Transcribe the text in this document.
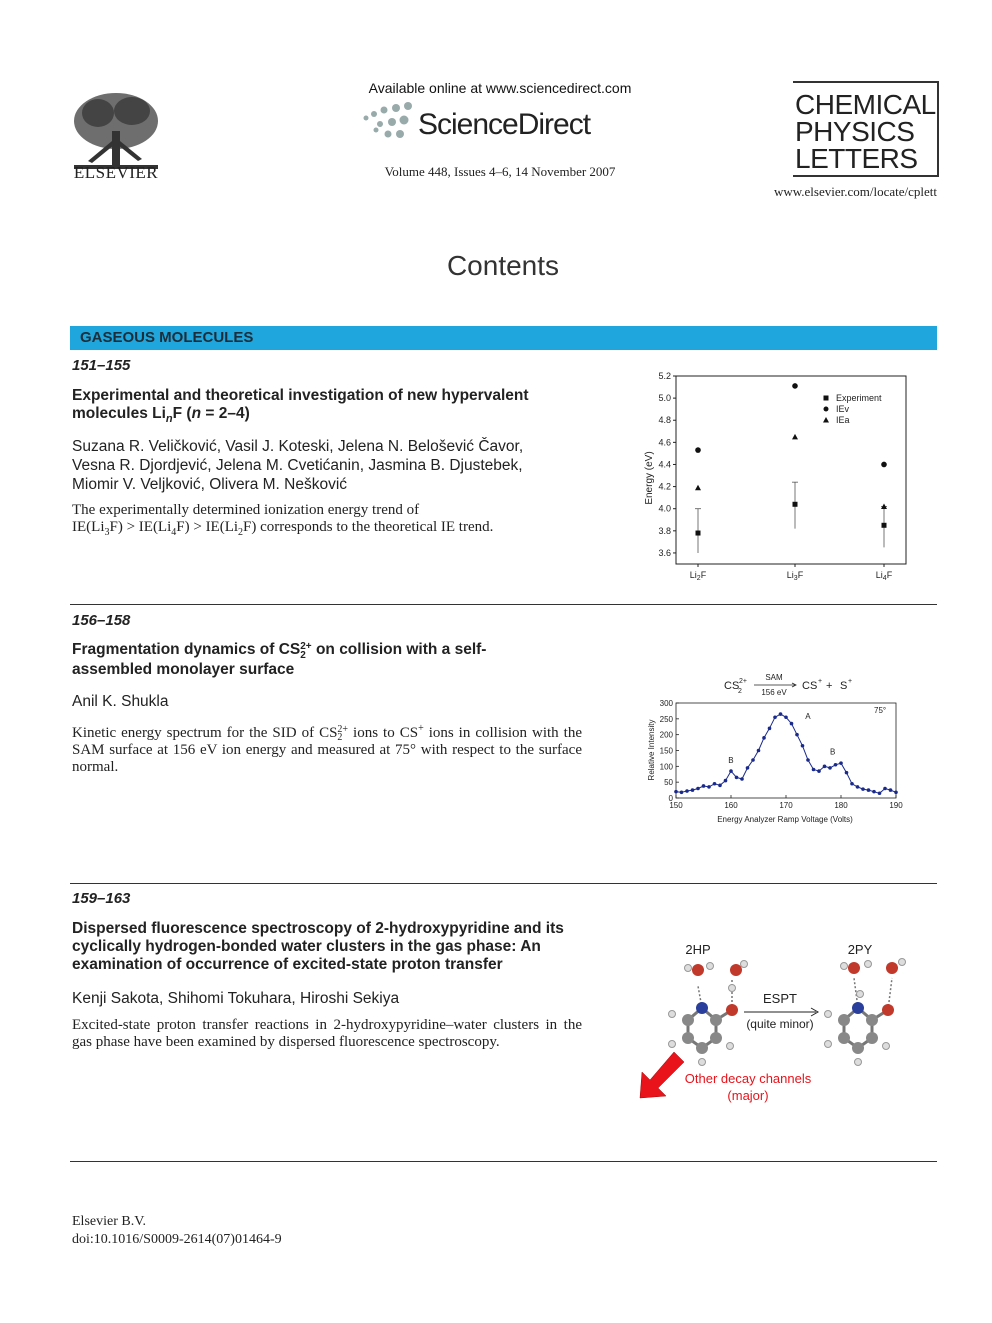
ELSEVIER
Available online at www.sciencedirect.com
ScienceDirect
Volume 448, Issues 4–6, 14 November 2007
CHEMICAL
PHYSICS
LETTERS
www.elsevier.com/locate/cplett
Contents
GASEOUS MOLECULES
151–155
Experimental and theoretical investigation of new hypervalent
molecules $Li_nF$ (n = 2–4)
Suzana R. Veličković, Vasil J. Koteski, Jelena N. Belošević Čavor,
Vesna R. Djordjević, Jelena M. Cvetićanin, Jasmina B. Djustebek,
Miomir V. Veljković, Olivera M. Nešković
The experimentally determined ionization energy trend of
$IE(Li_3F) > IE(Li_4F) > IE(Li_2F)$ corresponds to the theoretical IE trend.
3.6
3.8
4.0
4.2
4.4
4.6
4.8
5.0
5.2
$Li_2F$	$Li_3F$	$Li_4F$
Experiment
IEv
IEa
Energy (eV)
156–158
Fragmentation dynamics of CS2+
2 on collision with a self-
assembled monolayer surface
Anil K. Shukla
Kinetic energy spectrum for the SID of CS2+
2 ions to CS+ ions in collision with the SAM surface at 156 eV ion energy and measured at 75° with respect to the surface normal.
CS 2+
2
SAM
156 eV
CS + + S +
150	160	170	180	190
0
50
100
150
200
250
300
A
B
B
75°
Energy Analyzer Ramp Voltage (Volts)
Relative Intensity
159–163
Dispersed fluorescence spectroscopy of 2-hydroxypyridine and its
cyclically hydrogen-bonded water clusters in the gas phase: An
examination of occurrence of excited-state proton transfer
Kenji Sakota, Shihomi Tokuhara, Hiroshi Sekiya
Excited-state proton transfer reactions in 2-hydroxypyridine–water clusters in the gas phase have been examined by dispersed fluorescence spectroscopy.
2HP	2PY
ESPT
(quite minor)
Other decay channels
(major)
Elsevier B.V.
doi:10.1016/S0009-2614(07)01464-9
